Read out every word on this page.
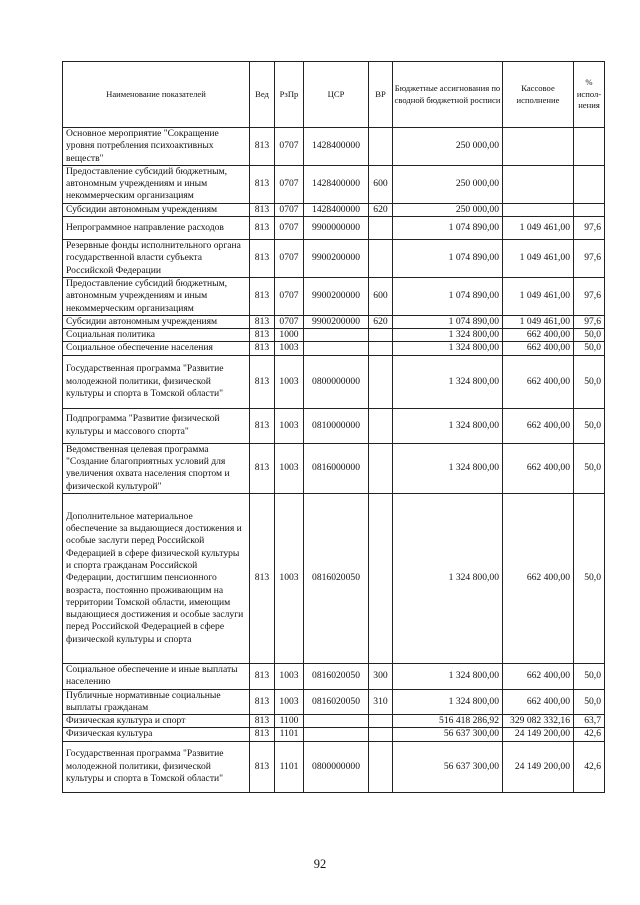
Наименование показателей	Вед	РзПр	ЦСР	ВР	Бюджетные ассигнования по сводной бюджетной росписи	Кассовое исполнение	% испол-нения
Основное мероприятие "Сокращение уровня потребления психоактивных веществ"	813	0707	1428400000		250 000,00		
Предоставление субсидий бюджетным, автономным учреждениям и иным некоммерческим организациям	813	0707	1428400000	600	250 000,00		
Субсидии автономным учреждениям	813	0707	1428400000	620	250 000,00		
Непрограммное направление расходов	813	0707	9900000000		1 074 890,00	1 049 461,00	97,6
Резервные фонды исполнительного органа государственной власти субъекта Российской Федерации	813	0707	9900200000		1 074 890,00	1 049 461,00	97,6
Предоставление субсидий бюджетным, автономным учреждениям и иным некоммерческим организациям	813	0707	9900200000	600	1 074 890,00	1 049 461,00	97,6
Субсидии автономным учреждениям	813	0707	9900200000	620	1 074 890,00	1 049 461,00	97,6
Социальная политика	813	1000			1 324 800,00	662 400,00	50,0
Социальное обеспечение населения	813	1003			1 324 800,00	662 400,00	50,0
Государственная программа "Развитие молодежной политики, физической культуры и спорта в Томской области"	813	1003	0800000000		1 324 800,00	662 400,00	50,0
Подпрограмма "Развитие физической культуры и массового спорта"	813	1003	0810000000		1 324 800,00	662 400,00	50,0
Ведомственная целевая программа "Создание благоприятных условий для увеличения охвата населения спортом и физической культурой"	813	1003	0816000000		1 324 800,00	662 400,00	50,0
Дополнительное материальное обеспечение за выдающиеся достижения и особые заслуги перед Российской Федерацией в сфере физической культуры и спорта гражданам Российской Федерации, достигшим пенсионного возраста, постоянно проживающим на территории Томской области, имеющим выдающиеся достижения и особые заслуги перед Российской Федерацией в сфере физической культуры и спорта	813	1003	0816020050		1 324 800,00	662 400,00	50,0
Социальное обеспечение и иные выплаты населению	813	1003	0816020050	300	1 324 800,00	662 400,00	50,0
Публичные нормативные социальные выплаты гражданам	813	1003	0816020050	310	1 324 800,00	662 400,00	50,0
Физическая культура и спорт	813	1100			516 418 286,92	329 082 332,16	63,7
Физическая культура	813	1101			56 637 300,00	24 149 200,00	42,6
Государственная программа "Развитие молодежной политики, физической культуры и спорта в Томской области"	813	1101	0800000000		56 637 300,00	24 149 200,00	42,6
92
